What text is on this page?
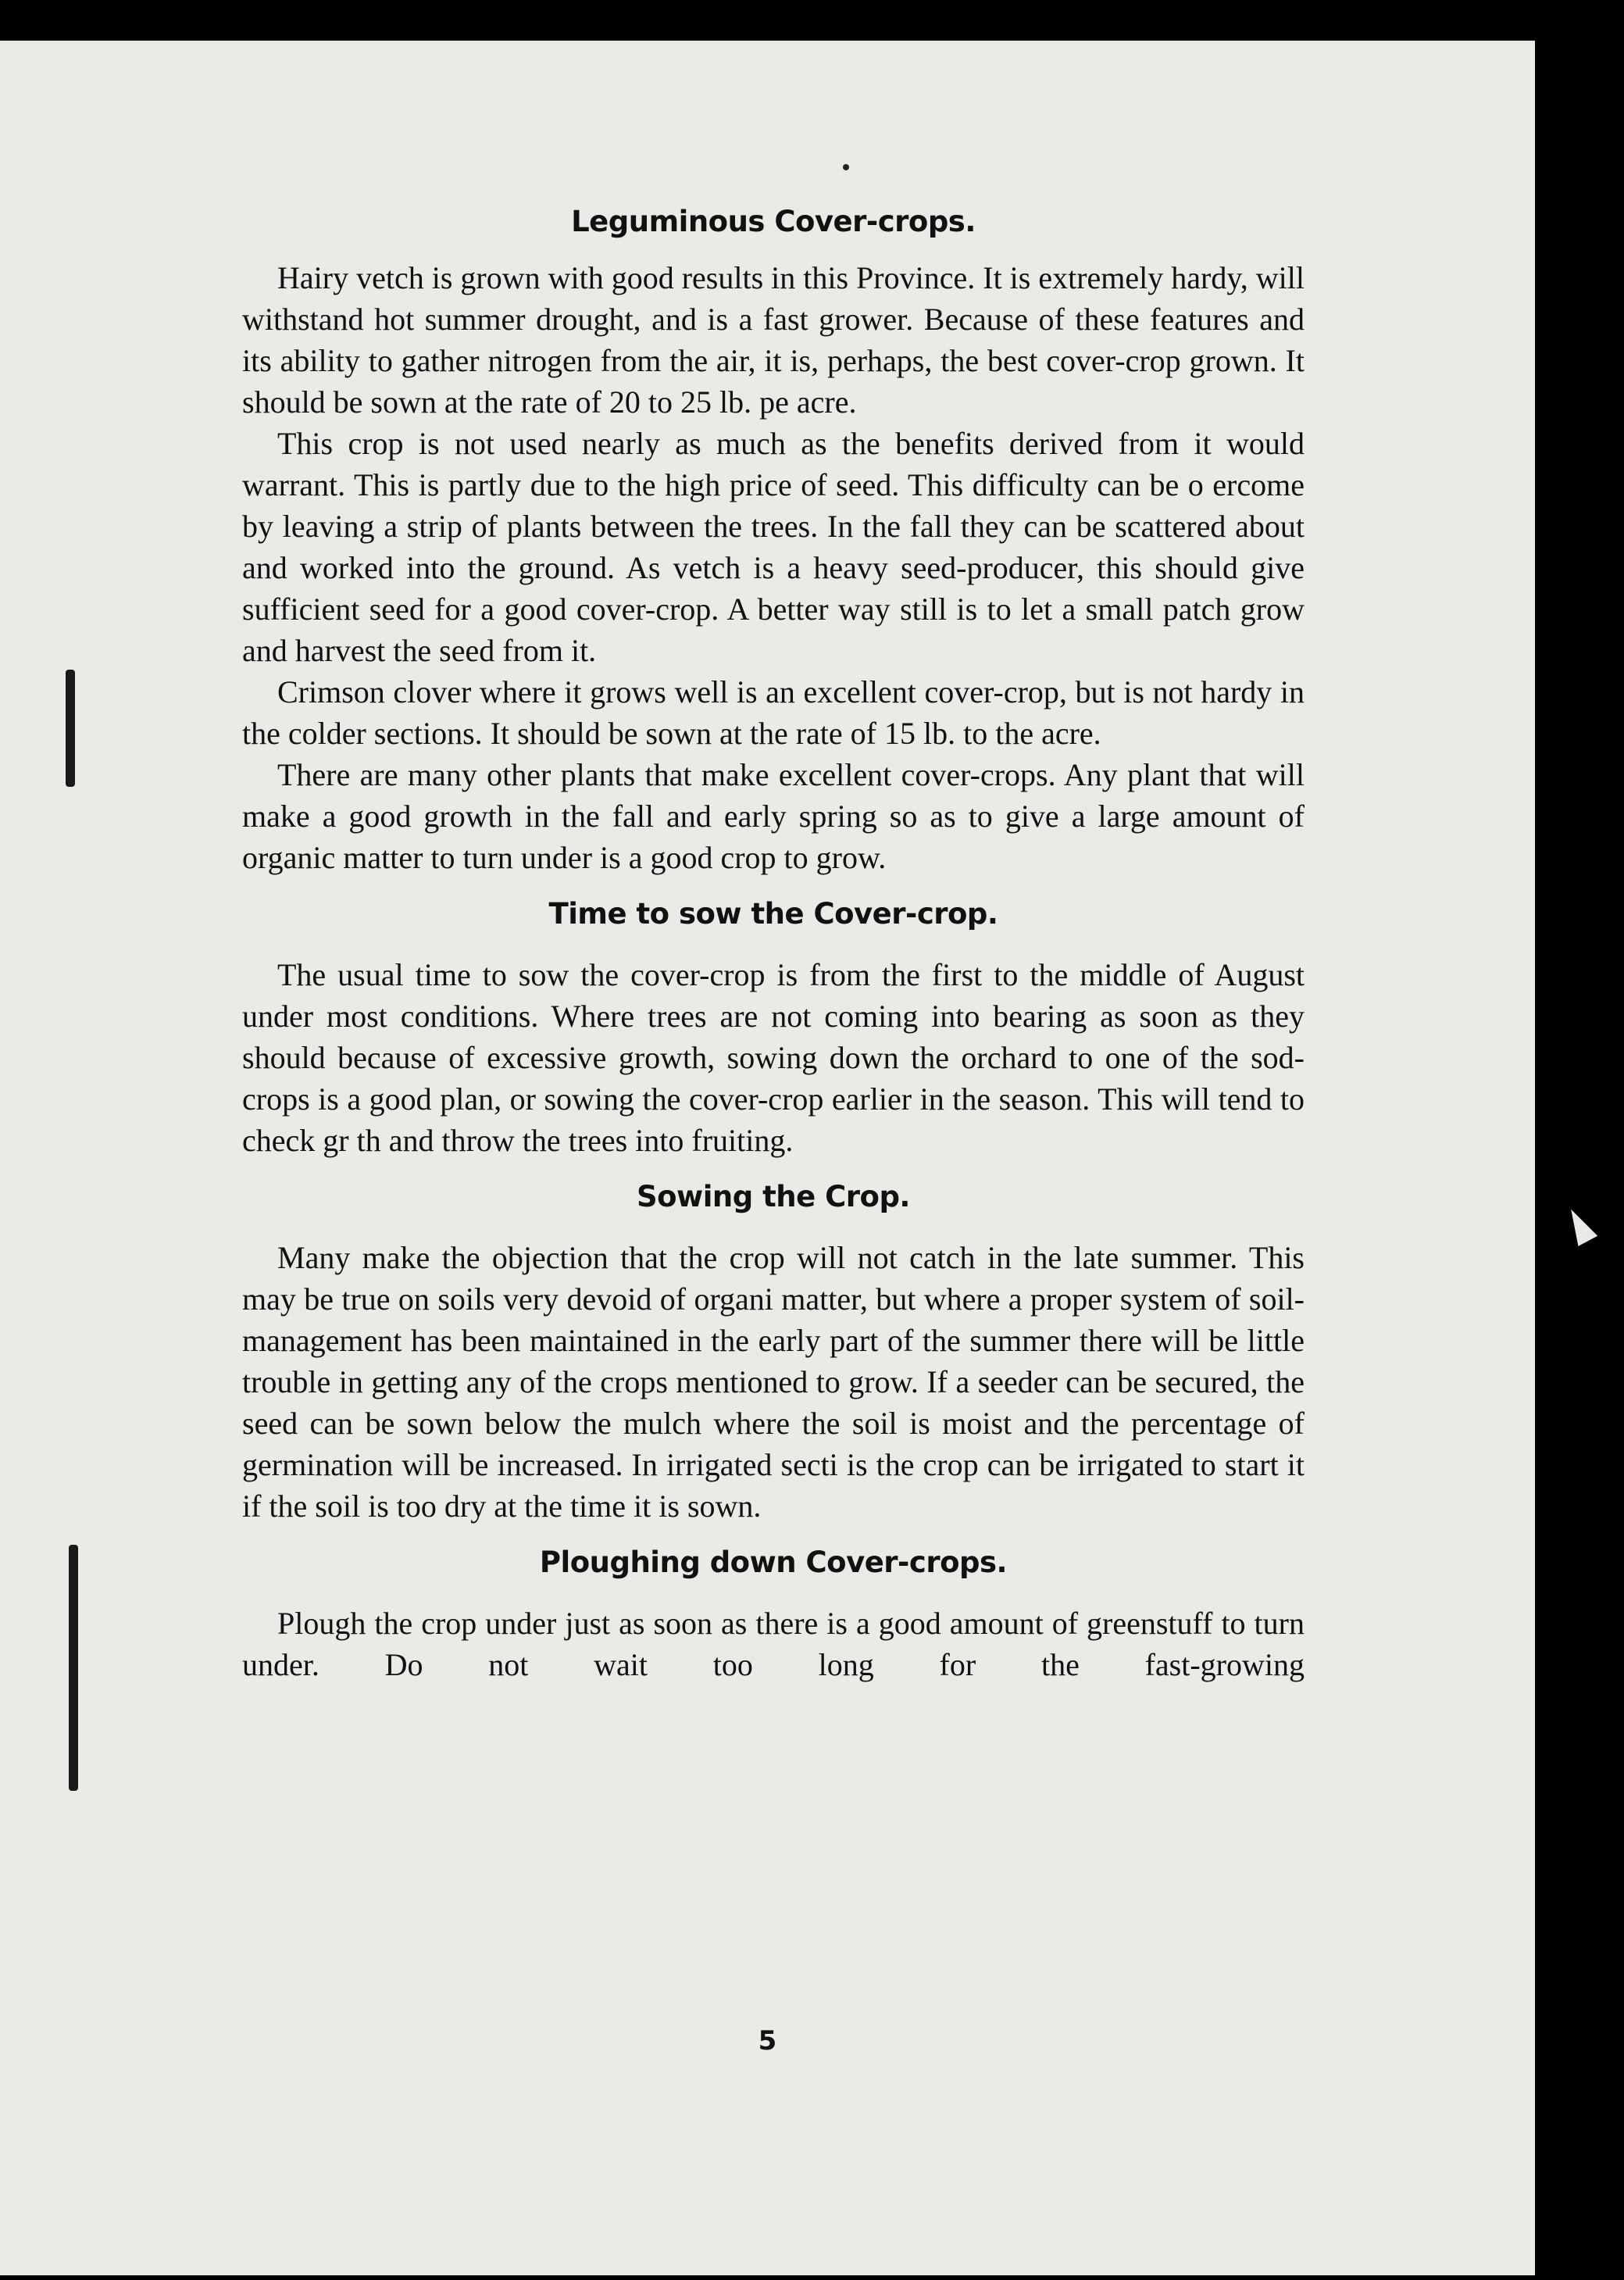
Leguminous Cover-crops.

Hairy vetch is grown with good results in this Province. It is extremely hardy, will withstand hot summer drought, and is a fast grower. Because of these features and its ability to gather nitrogen from the air, it is, perhaps, the best cover-crop grown. It should be sown at the rate of 20 to 25 lb. pe acre.

This crop is not used nearly as much as the benefits derived from it would warrant. This is partly due to the high price of seed. This difficulty can be o ercome by leaving a strip of plants between the trees. In the fall they can be scattered about and worked into the ground. As vetch is a heavy seed-producer, this should give sufficient seed for a good cover-crop. A better way still is to let a small patch grow and harvest the seed from it.

Crimson clover where it grows well is an excellent cover-crop, but is not hardy in the colder sections. It should be sown at the rate of 15 lb. to the acre.

There are many other plants that make excellent cover-crops. Any plant that will make a good growth in the fall and early spring so as to give a large amount of organic matter to turn under is a good crop to grow.

Time to sow the Cover-crop.

The usual time to sow the cover-crop is from the first to the middle of August under most conditions. Where trees are not coming into bearing as soon as they should because of excessive growth, sowing down the orchard to one of the sod-crops is a good plan, or sowing the cover-crop earlier in the season. This will tend to check gr th and throw the trees into fruiting.

Sowing the Crop.

Many make the objection that the crop will not catch in the late summer. This may be true on soils very devoid of organi matter, but where a proper system of soil-management has been maintained in the early part of the summer there will be little trouble in getting any of the crops mentioned to grow. If a seeder can be secured, the seed can be sown below the mulch where the soil is moist and the percentage of germination will be increased. In irrigated secti is the crop can be irrigated to start it if the soil is too dry at the time it is sown.

Ploughing down Cover-crops.

Plough the crop under just as soon as there is a good amount of greenstuff to turn under. Do not wait too long for the fast-growing

5
